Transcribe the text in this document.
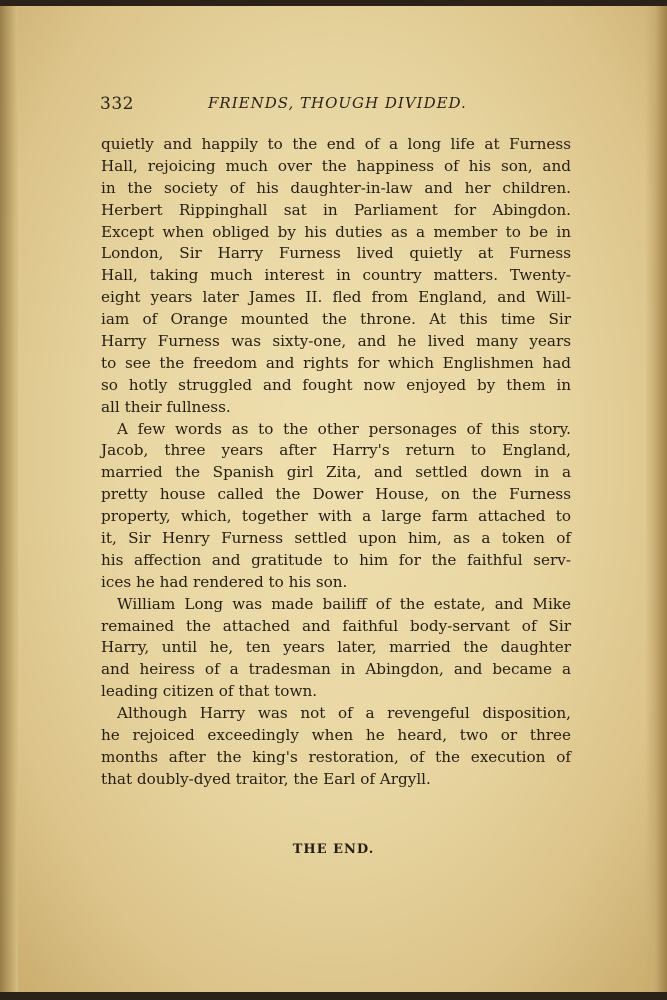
332	FRIENDS, THOUGH DIVIDED.
quietly and happily to the end of a long life at Furness
Hall, rejoicing much over the happiness of his son, and
in the society of his daughter-in-law and her children.
Herbert Rippinghall sat in Parliament for Abingdon.
Except when obliged by his duties as a member to be in
London, Sir Harry Furness lived quietly at Furness
Hall, taking much interest in country matters. Twenty-
eight years later James II. fled from England, and Will-
iam of Orange mounted the throne. At this time Sir
Harry Furness was sixty-one, and he lived many years
to see the freedom and rights for which Englishmen had
so hotly struggled and fought now enjoyed by them in
all their fullness.
A few words as to the other personages of this story.
Jacob, three years after Harry's return to England,
married the Spanish girl Zita, and settled down in a
pretty house called the Dower House, on the Furness
property, which, together with a large farm attached to
it, Sir Henry Furness settled upon him, as a token of
his affection and gratitude to him for the faithful serv-
ices he had rendered to his son.
William Long was made bailiff of the estate, and Mike
remained the attached and faithful body-servant of Sir
Harry, until he, ten years later, married the daughter
and heiress of a tradesman in Abingdon, and became a
leading citizen of that town.
Although Harry was not of a revengeful disposition,
he rejoiced exceedingly when he heard, two or three
months after the king's restoration, of the execution of
that doubly-dyed traitor, the Earl of Argyll.
THE END.
